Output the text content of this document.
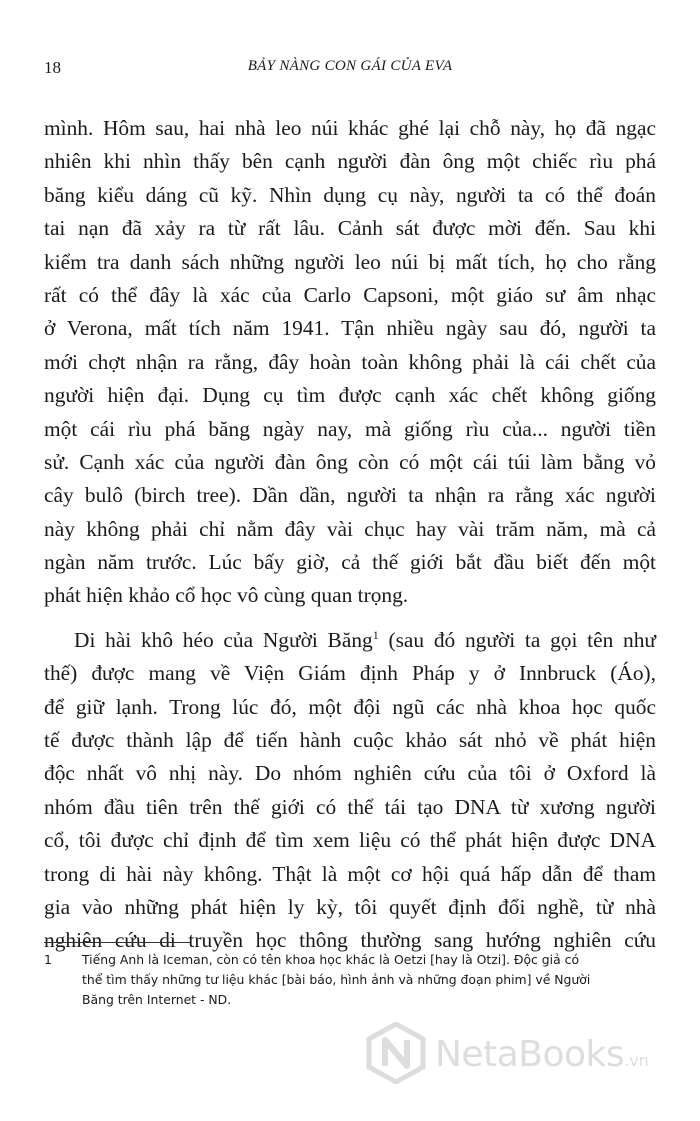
18	BẢY NÀNG CON GÁI CỦA EVA
mình. Hôm sau, hai nhà leo núi khác ghé lại chỗ này, họ đã ngạc
nhiên khi nhìn thấy bên cạnh người đàn ông một chiếc rìu phá
băng kiểu dáng cũ kỹ. Nhìn dụng cụ này, người ta có thể đoán
tai nạn đã xảy ra từ rất lâu. Cảnh sát được mời đến. Sau khi
kiểm tra danh sách những người leo núi bị mất tích, họ cho rằng
rất có thể đây là xác của Carlo Capsoni, một giáo sư âm nhạc
ở Verona, mất tích năm 1941. Tận nhiều ngày sau đó, người ta
mới chợt nhận ra rằng, đây hoàn toàn không phải là cái chết của
người hiện đại. Dụng cụ tìm được cạnh xác chết không giống
một cái rìu phá băng ngày nay, mà giống rìu của... người tiền
sử. Cạnh xác của người đàn ông còn có một cái túi làm bằng vỏ
cây bulô (birch tree). Dần dần, người ta nhận ra rằng xác người
này không phải chỉ nằm đây vài chục hay vài trăm năm, mà cả
ngàn năm trước. Lúc bấy giờ, cả thế giới bắt đầu biết đến một
phát hiện khảo cổ học vô cùng quan trọng.
Di hài khô héo của Người Băng$^1$ (sau đó người ta gọi tên như
thế) được mang về Viện Giám định Pháp y ở Innbruck (Áo),
để giữ lạnh. Trong lúc đó, một đội ngũ các nhà khoa học quốc
tế được thành lập để tiến hành cuộc khảo sát nhỏ về phát hiện
độc nhất vô nhị này. Do nhóm nghiên cứu của tôi ở Oxford là
nhóm đầu tiên trên thế giới có thể tái tạo DNA từ xương người
cổ, tôi được chỉ định để tìm xem liệu có thể phát hiện được DNA
trong di hài này không. Thật là một cơ hội quá hấp dẫn để tham
gia vào những phát hiện ly kỳ, tôi quyết định đổi nghề, từ nhà
nghiên cứu di truyền học thông thường sang hướng nghiên cứu
1 Tiếng Anh là Iceman, còn có tên khoa học khác là Oetzi [hay là Otzi]. Độc giả có
thể tìm thấy những tư liệu khác [bài báo, hình ảnh và những đoạn phim] về Người
Băng trên Internet - ND.
NetaBooks.vn
